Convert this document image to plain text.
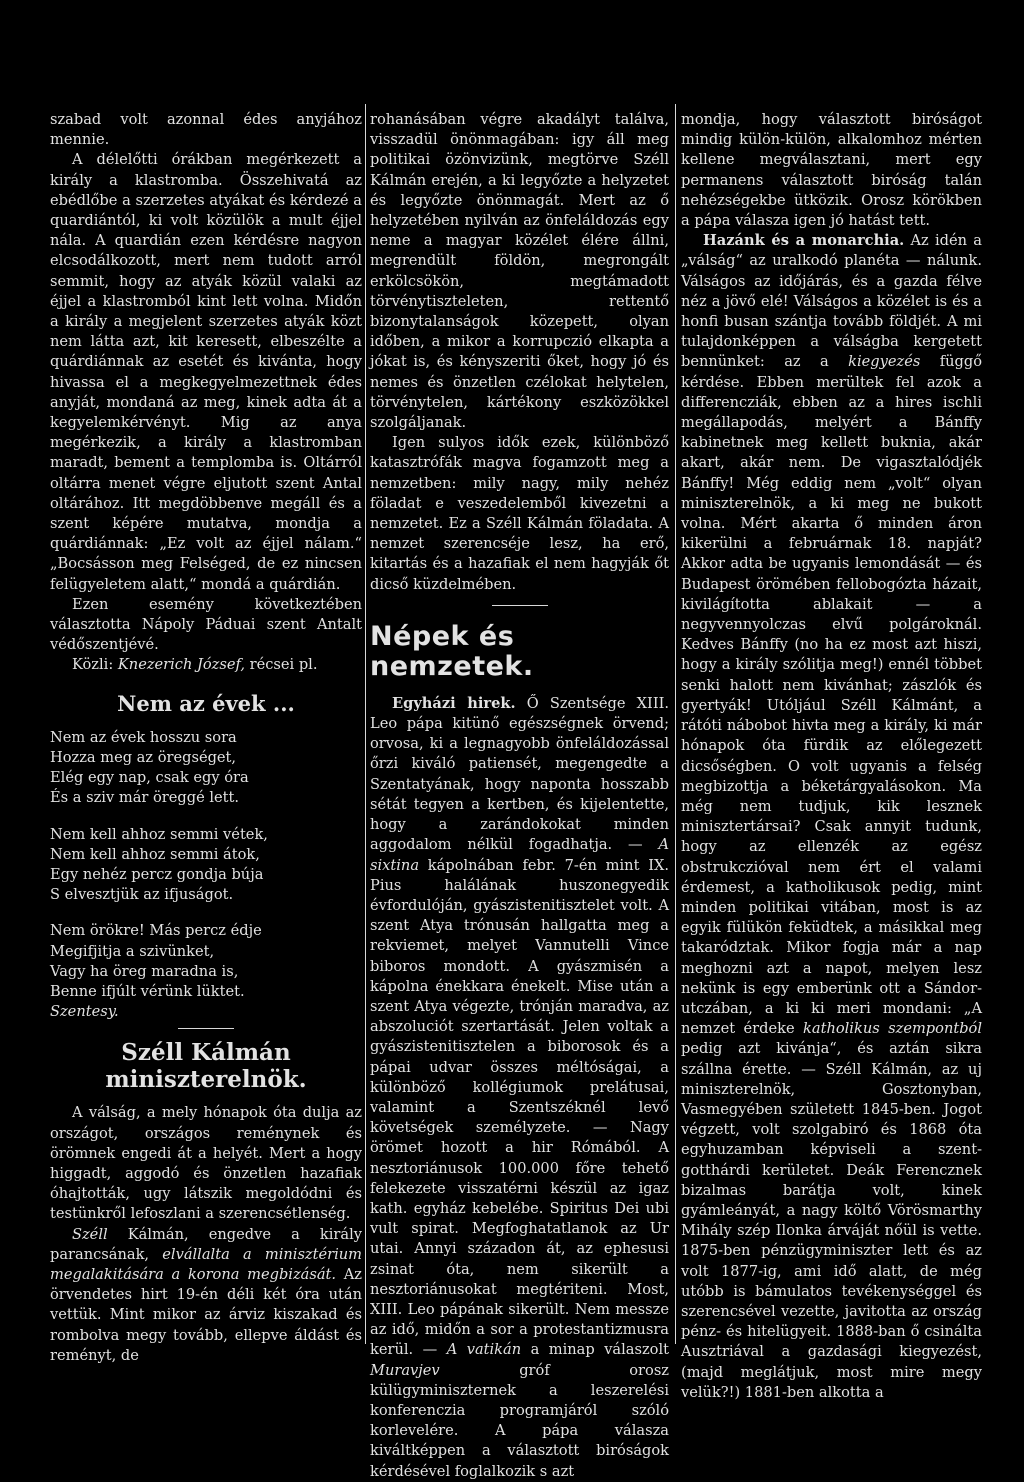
szabad volt azonnal édes anyjához mennie.

A délelőtti órákban megérkezett a király a klastromba. Összehivatá az ebédlőbe a szerzetes atyákat és kérdezé a quardiántól, ki volt közülök a mult éjjel nála. A quardián ezen kérdésre nagyon elcsodálkozott, mert nem tudott arról semmit, hogy az atyák közül valaki az éjjel a klastromból kint lett volna. Midőn a király a megjelent szerzetes atyák közt nem látta azt, kit keresett, elbeszélte a quárdiánnak az esetét és kivánta, hogy hivassa el a megkegyelmezettnek édes anyját, mondaná az meg, kinek adta át a kegyelemkérvényt. Mig az anya megérkezik, a király a klastromban maradt, bement a templomba is. Oltárról oltárra menet végre eljutott szent Antal oltárához. Itt megdöbbenve megáll és a szent képére mutatva, mondja a quárdiánnak: „Ez volt az éjjel nálam.“ „Bocsásson meg Felséged, de ez nincsen felügyeletem alatt,“ mondá a quárdián.

Ezen esemény következtében választotta Nápoly Páduai szent Antalt védőszentjévé.

Közli: Knezerich József, récsei pl.

Nem az évek ...

Nem az évek hosszu sora

Hozza meg az öregséget,

Elég egy nap, csak egy óra

És a sziv már öreggé lett.

Nem kell ahhoz semmi vétek,

Nem kell ahhoz semmi átok,

Egy nehéz percz gondja búja

S elvesztjük az ifjuságot.

Nem örökre! Más percz édje

Megifjitja a szivünket,

Vagy ha öreg maradna is,

Benne ifjúlt vérünk lüktet.

Szentesy.

Széll Kálmán miniszterelnök.

A válság, a mely hónapok óta dulja az országot, országos reménynek és örömnek engedi át a helyét. Mert a hogy higgadt, aggodó és önzetlen hazafiak óhajtották, ugy látszik megoldódni és testünkről lefoszlani a szerencsétlenség.

Széll Kálmán, engedve a király parancsának, elvállalta a minisztérium megalakitására a korona megbizását. Az örvendetes hirt 19-én déli két óra után vettük. Mint mikor az árviz kiszakad és rombolva megy tovább, ellepve áldást és reményt, de

rohanásában végre akadályt találva, visszadül önönmagában: igy áll meg politikai özönvizünk, megtörve Széll Kálmán erején, a ki legyőzte a helyzetet és legyőzte önönmagát. Mert az ő helyzetében nyilván az önfeláldozás egy neme a magyar közélet élére állni, megrendült földön, megrongált erkölcsökön, megtámadott törvénytiszteleten, rettentő bizonytalanságok közepett, olyan időben, a mikor a korrupczió elkapta a jókat is, és kényszeriti őket, hogy jó és nemes és önzetlen czélokat helytelen, törvénytelen, kártékony eszközökkel szolgáljanak.

Igen sulyos idők ezek, különböző katasztrófák magva fogamzott meg a nemzetben: mily nagy, mily nehéz föladat e veszedelemből kivezetni a nemzetet. Ez a Széll Kálmán föladata. A nemzet szerencséje lesz, ha erő, kitartás és a hazafiak el nem hagyják őt dicső küzdelmében.

Népek és nemzetek.

Egyházi hirek. Ő Szentsége XIII. Leo pápa kitünő egészségnek örvend; orvosa, ki a legnagyobb önfeláldozással őrzi kiváló patiensét, megengedte a Szentatyának, hogy naponta hosszabb sétát tegyen a kertben, és kijelentette, hogy a zarándokokat minden aggodalom nélkül fogadhatja. — A sixtina kápolnában febr. 7-én mint IX. Pius halálának huszonegyedik évfordulóján, gyászistenitisztelet volt. A szent Atya trónusán hallgatta meg a rekviemet, melyet Vannutelli Vince biboros mondott. A gyászmisén a kápolna énekkara énekelt. Mise után a szent Atya végezte, trónján maradva, az abszoluciót szertartását. Jelen voltak a gyászistenitisztelen a biborosok és a pápai udvar összes méltóságai, a különböző kollégiumok prelátusai, valamint a Szentszéknél levő követségek személyzete. — Nagy örömet hozott a hir Rómából. A nesztoriánusok 100.000 főre tehető felekezete visszatérni készül az igaz kath. egyház kebelébe. Spiritus Dei ubi vult spirat. Megfoghatatlanok az Ur utai. Annyi századon át, az ephesusi zsinat óta, nem sikerült a nesztoriánusokat megtériteni. Most, XIII. Leo pápának sikerült. Nem messze az idő, midőn a sor a protestantizmusra kerül. — A vatikán a minap válaszolt Muravjev gróf orosz külügyminiszternek a leszerelési konferenczia programjáról szóló korlevelére. A pápa válasza kiváltképpen a választott biróságok kérdésével foglalkozik s azt

mondja, hogy választott biróságot mindig külön-külön, alkalomhoz mérten kellene megválasztani, mert egy permanens választott biróság talán nehézségekbe ütközik. Orosz körökben a pápa válasza igen jó hatást tett.

Hazánk és a monarchia. Az idén a „válság“ az uralkodó planéta — nálunk. Válságos az időjárás, és a gazda félve néz a jövő elé! Válságos a közélet is és a honfi busan szántja tovább földjét. A mi tulajdonképpen a válságba kergetett bennünket: az a kiegyezés függő kérdése. Ebben merültek fel azok a differencziák, ebben az a hires ischli megállapodás, melyért a Bánffy kabinetnek meg kellett buknia, akár akart, akár nem. De vigasztalódjék Bánffy! Még eddig nem „volt“ olyan miniszterelnök, a ki meg ne bukott volna. Mért akarta ő minden áron kikerülni a februárnak 18. napját? Akkor adta be ugyanis lemondását — és Budapest örömében fellobogózta házait, kivilágította ablakait — a negyvennyolczas elvű polgároknál. Kedves Bánffy (no ha ez most azt hiszi, hogy a király szólitja meg!) ennél többet senki halott nem kivánhat; zászlók és gyertyák! Utóljául Széll Kálmánt, a rátóti nábobot hivta meg a király, ki már hónapok óta fürdik az előlegezett dicsőségben. O volt ugyanis a felség megbizottja a béketárgyalásokon. Ma még nem tudjuk, kik lesznek minisztertársai? Csak annyit tudunk, hogy az ellenzék az egész obstrukczióval nem ért el valami érdemest, a katholikusok pedig, mint minden politikai vitában, most is az egyik fülükön feküdtek, a másikkal meg takarództak. Mikor fogja már a nap meghozni azt a napot, melyen lesz nekünk is egy emberünk ott a Sándor-utczában, a ki ki meri mondani: „A nemzet érdeke katholikus szempontból pedig azt kivánja“, és aztán sikra szállna érette. — Széll Kálmán, az uj miniszterelnök, Gosztonyban, Vasmegyében született 1845-ben. Jogot végzett, volt szolgabiró és 1868 óta egyhuzamban képviseli a szent-gotthárdi kerületet. Deák Ferencznek bizalmas barátja volt, kinek gyámleányát, a nagy költő Vörösmarthy Mihály szép Ilonka árváját nőül is vette. 1875-ben pénzügyminiszter lett és az volt 1877-ig, ami idő alatt, de még utóbb is bámulatos tevékenységgel és szerencsével vezette, javitotta az ország pénz- és hitelügyeit. 1888-ban ő csinálta Ausztriával a gazdasági kiegyezést, (majd meglátjuk, most mire megy velük?!) 1881-ben alkotta a
